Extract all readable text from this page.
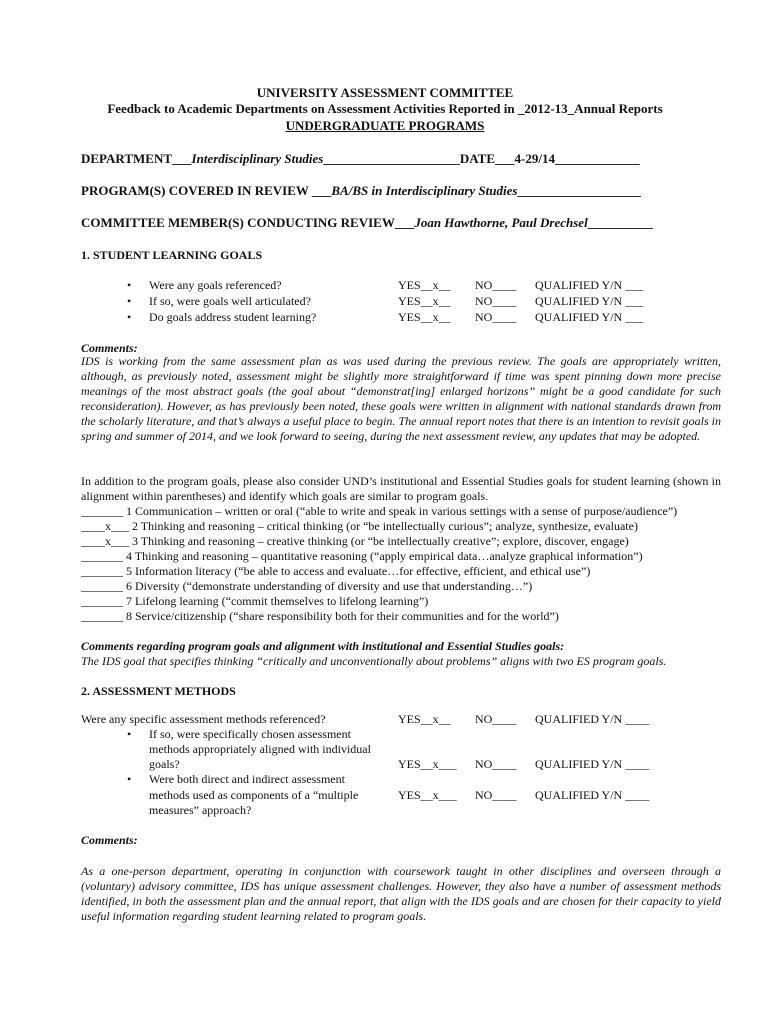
UNIVERSITY ASSESSMENT COMMITTEE
Feedback to Academic Departments on Assessment Activities Reported in _2012-13_Annual Reports
UNDERGRADUATE PROGRAMS
DEPARTMENT___Interdisciplinary Studies_____________________DATE___4-29/14_____________
PROGRAM(S) COVERED IN REVIEW ___BA/BS in Interdisciplinary Studies___________________
COMMITTEE MEMBER(S) CONDUCTING REVIEW___Joan Hawthorne, Paul Drechsel__________
1. STUDENT LEARNING GOALS
• Were any goals referenced?	YES__x__ NO____ QUALIFIED Y/N ___
• If so, were goals well articulated?	YES__x__ NO____ QUALIFIED Y/N ___
• Do goals address student learning?	YES__x__ NO____ QUALIFIED Y/N ___
Comments:
IDS is working from the same assessment plan as was used during the previous review. The goals are appropriately written, although, as previously noted, assessment might be slightly more straightforward if time was spent pinning down more precise meanings of the most abstract goals (the goal about “demonstrat[ing] enlarged horizons” might be a good candidate for such reconsideration). However, as has previously been noted, these goals were written in alignment with national standards drawn from the scholarly literature, and that’s always a useful place to begin. The annual report notes that there is an intention to revisit goals in spring and summer of 2014, and we look forward to seeing, during the next assessment review, any updates that may be adopted.
In addition to the program goals, please also consider UND’s institutional and Essential Studies goals for student learning (shown in alignment within parentheses) and identify which goals are similar to program goals.
_______ 1 Communication – written or oral (“able to write and speak in various settings with a sense of purpose/audience”)
____x___ 2 Thinking and reasoning – critical thinking (or “be intellectually curious”; analyze, synthesize, evaluate)
____x___ 3 Thinking and reasoning – creative thinking (or “be intellectually creative”; explore, discover, engage)
_______ 4 Thinking and reasoning – quantitative reasoning (“apply empirical data…analyze graphical information”)
_______ 5 Information literacy (“be able to access and evaluate…for effective, efficient, and ethical use”)
_______ 6 Diversity (“demonstrate understanding of diversity and use that understanding…”)
_______ 7 Lifelong learning (“commit themselves to lifelong learning”)
_______ 8 Service/citizenship (“share responsibility both for their communities and for the world”)
Comments regarding program goals and alignment with institutional and Essential Studies goals:
The IDS goal that specifies thinking “critically and unconventionally about problems” aligns with two ES program goals.
2. ASSESSMENT METHODS
Were any specific assessment methods referenced?	YES__x__ NO____ QUALIFIED Y/N ____
• If so, were specifically chosen assessment
methods appropriately aligned with individual
goals?	YES__x___ NO____ QUALIFIED Y/N ____
• Were both direct and indirect assessment
methods used as components of a “multiple
measures” approach?
YES__x___ NO____ QUALIFIED Y/N ____
Comments:
As a one-person department, operating in conjunction with coursework taught in other disciplines and overseen through a (voluntary) advisory committee, IDS has unique assessment challenges. However, they also have a number of assessment methods identified, in both the assessment plan and the annual report, that align with the IDS goals and are chosen for their capacity to yield useful information regarding student learning related to program goals.
